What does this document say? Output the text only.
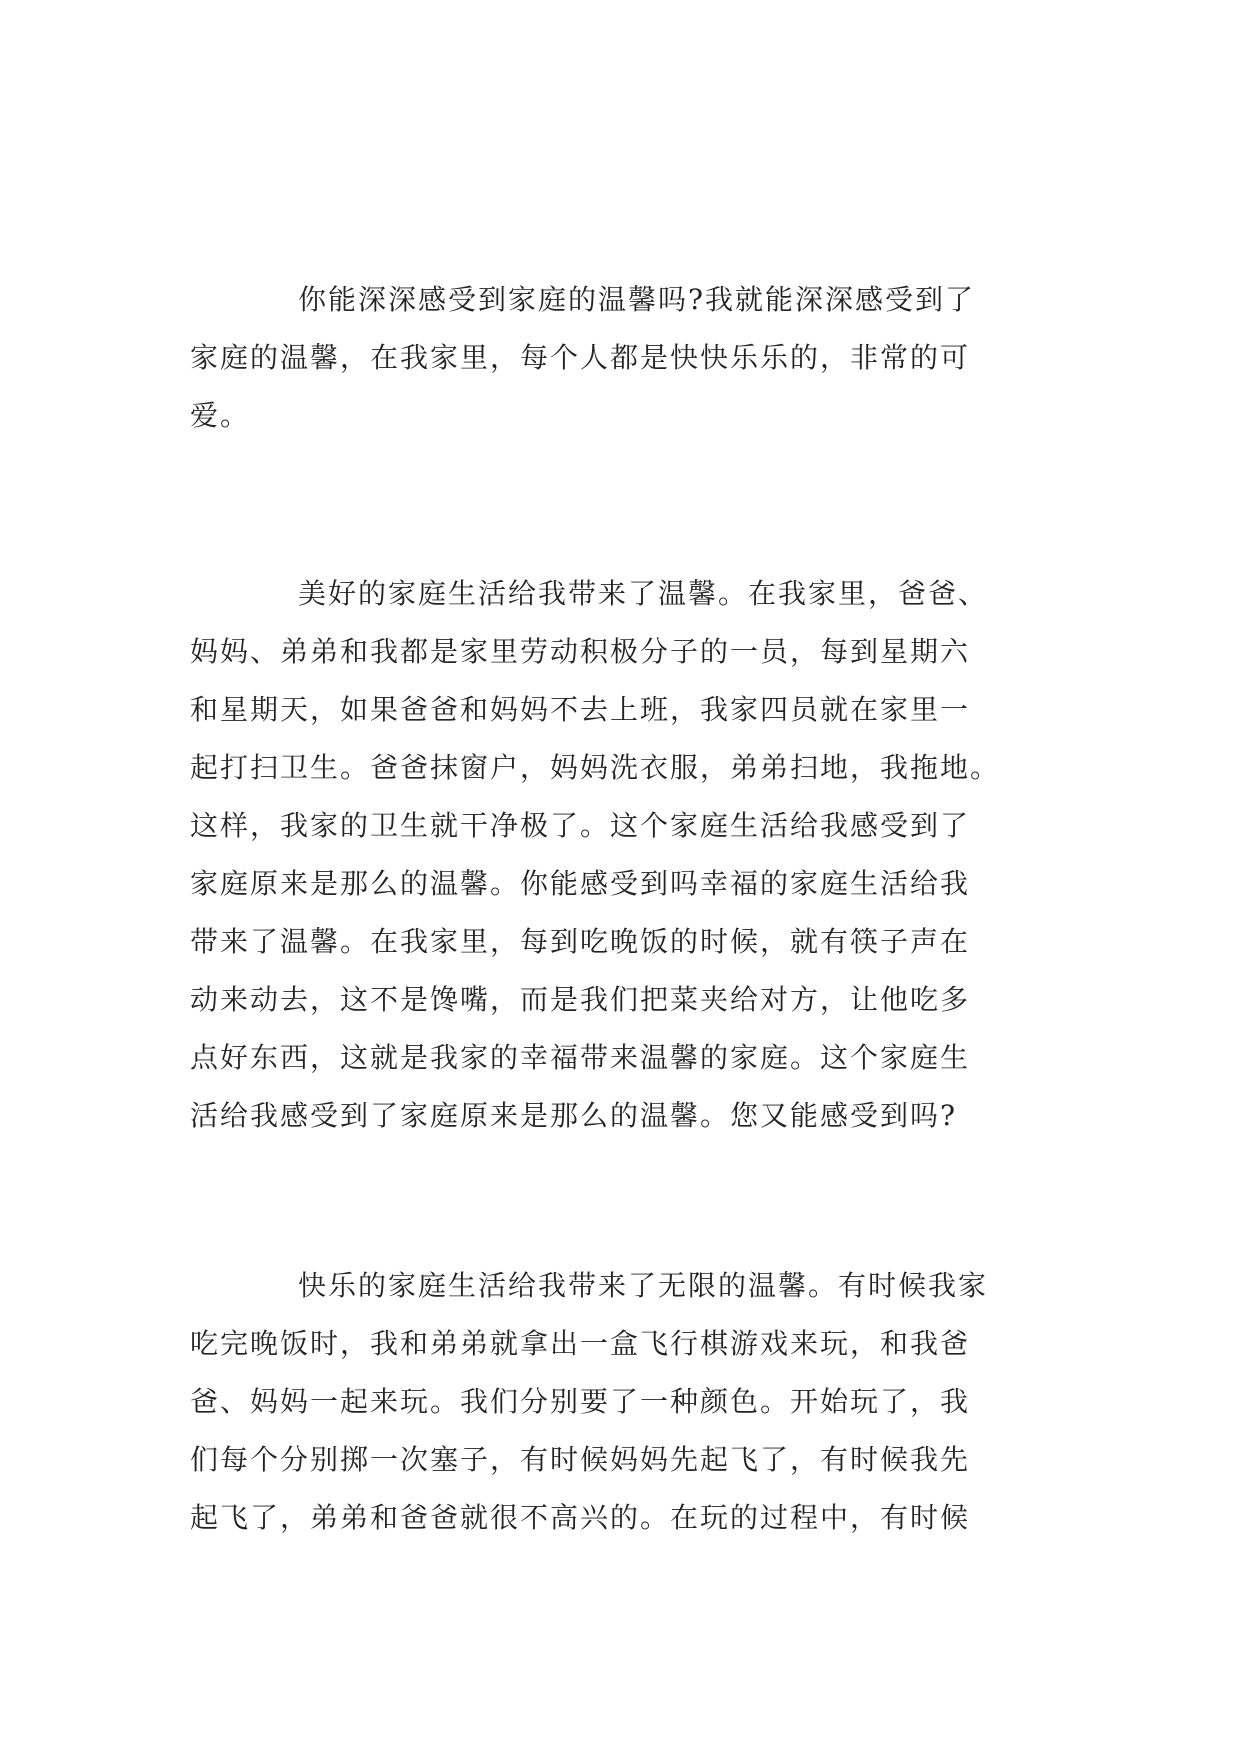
你能深深感受到家庭的温馨吗?我就能深深感受到了
家庭的温馨，在我家里，每个人都是快快乐乐的，非常的可
爱。
美好的家庭生活给我带来了温馨。在我家里，爸爸、
妈妈、弟弟和我都是家里劳动积极分子的一员，每到星期六
和星期天，如果爸爸和妈妈不去上班，我家四员就在家里一
起打扫卫生。爸爸抹窗户，妈妈洗衣服，弟弟扫地，我拖地。
这样，我家的卫生就干净极了。这个家庭生活给我感受到了
家庭原来是那么的温馨。你能感受到吗幸福的家庭生活给我
带来了温馨。在我家里，每到吃晚饭的时候，就有筷子声在
动来动去，这不是馋嘴，而是我们把菜夹给对方，让他吃多
点好东西，这就是我家的幸福带来温馨的家庭。这个家庭生
活给我感受到了家庭原来是那么的温馨。您又能感受到吗?
快乐的家庭生活给我带来了无限的温馨。有时候我家
吃完晚饭时，我和弟弟就拿出一盒飞行棋游戏来玩，和我爸
爸、妈妈一起来玩。我们分别要了一种颜色。开始玩了，我
们每个分别掷一次塞子，有时候妈妈先起飞了，有时候我先
起飞了，弟弟和爸爸就很不高兴的。在玩的过程中，有时候
